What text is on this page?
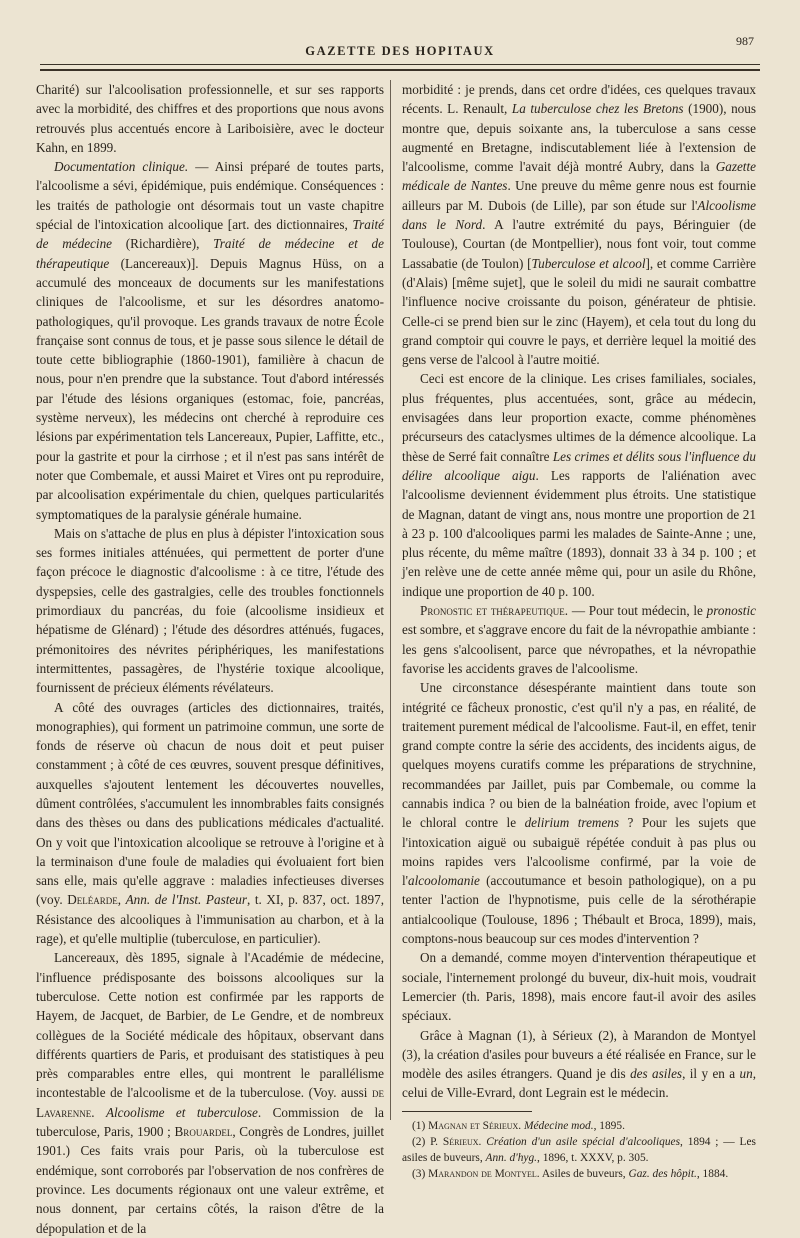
GAZETTE DES HOPITAUX
987

Charité) sur l'alcoolisation professionnelle, et sur ses rapports avec la morbidité, des chiffres et des proportions que nous avons retrouvés plus accentués encore à Lariboisière, avec le docteur Kahn, en 1899.

Documentation clinique. — Ainsi préparé de toutes parts, l'alcoolisme a sévi, épidémique, puis endémique. Conséquences : les traités de pathologie ont désormais tout un vaste chapitre spécial de l'intoxication alcoolique [art. des dictionnaires, Traité de médecine (Richardière), Traité de médecine et de thérapeutique (Lancereaux)]. Depuis Magnus Hüss, on a accumulé des monceaux de documents sur les manifestations cliniques de l'alcoolisme, et sur les désordres anatomo-pathologiques, qu'il provoque. Les grands travaux de notre École française sont connus de tous, et je passe sous silence le détail de toute cette bibliographie (1860-1901), familière à chacun de nous, pour n'en prendre que la substance. Tout d'abord intéressés par l'étude des lésions organiques (estomac, foie, pancréas, système nerveux), les médecins ont cherché à reproduire ces lésions par expérimentation tels Lancereaux, Pupier, Laffitte, etc., pour la gastrite et pour la cirrhose ; et il n'est pas sans intérêt de noter que Combemale, et aussi Mairet et Vires ont pu reproduire, par alcoolisation expérimentale du chien, quelques particularités symptomatiques de la paralysie générale humaine.

Mais on s'attache de plus en plus à dépister l'intoxication sous ses formes initiales atténuées, qui permettent de porter d'une façon précoce le diagnostic d'alcoolisme : à ce titre, l'étude des dyspepsies, celle des gastralgies, celle des troubles fonctionnels primordiaux du pancréas, du foie (alcoolisme insidieux et hépatisme de Glénard) ; l'étude des désordres atténués, fugaces, prémonitoires des névrites périphériques, les manifestations intermittentes, passagères, de l'hystérie toxique alcoolique, fournissent de précieux éléments révélateurs.

A côté des ouvrages (articles des dictionnaires, traités, monographies), qui forment un patrimoine commun, une sorte de fonds de réserve où chacun de nous doit et peut puiser constamment ; à côté de ces œuvres, souvent presque définitives, auxquelles s'ajoutent lentement les découvertes nouvelles, dûment contrôlées, s'accumulent les innombrables faits consignés dans des thèses ou dans des publications médicales d'actualité. On y voit que l'intoxication alcoolique se retrouve à l'origine et à la terminaison d'une foule de maladies qui évoluaient fort bien sans elle, mais qu'elle aggrave : maladies infectieuses diverses (voy. Deléarde, Ann. de l'Inst. Pasteur, t. XI, p. 837, oct. 1897, Résistance des alcooliques à l'immunisation au charbon, et à la rage), et qu'elle multiplie (tuberculose, en particulier).

Lancereaux, dès 1895, signale à l'Académie de médecine, l'influence prédisposante des boissons alcooliques sur la tuberculose. Cette notion est confirmée par les rapports de Hayem, de Jacquet, de Barbier, de Le Gendre, et de nombreux collègues de la Société médicale des hôpitaux, observant dans différents quartiers de Paris, et produisant des statistiques à peu près comparables entre elles, qui montrent le parallélisme incontestable de l'alcoolisme et de la tuberculose. (Voy. aussi de Lavarenne. Alcoolisme et tuberculose. Commission de la tuberculose, Paris, 1900 ; Brouardel, Congrès de Londres, juillet 1901.) Ces faits vrais pour Paris, où la tuberculose est endémique, sont corroborés par l'observation de nos confrères de province. Les documents régionaux ont une valeur extrême, et nous donnent, par certains côtés, la raison d'être de la dépopulation et de la

morbidité : je prends, dans cet ordre d'idées, ces quelques travaux récents. L. Renault, La tuberculose chez les Bretons (1900), nous montre que, depuis soixante ans, la tuberculose a sans cesse augmenté en Bretagne, indiscutablement liée à l'extension de l'alcoolisme, comme l'avait déjà montré Aubry, dans la Gazette médicale de Nantes. Une preuve du même genre nous est fournie ailleurs par M. Dubois (de Lille), par son étude sur l'Alcoolisme dans le Nord. A l'autre extrémité du pays, Béringuier (de Toulouse), Courtan (de Montpellier), nous font voir, tout comme Lassabatie (de Toulon) [Tuberculose et alcool], et comme Carrière (d'Alais) [même sujet], que le soleil du midi ne saurait combattre l'influence nocive croissante du poison, générateur de phtisie. Celle-ci se prend bien sur le zinc (Hayem), et cela tout du long du grand comptoir qui couvre le pays, et derrière lequel la moitié des gens verse de l'alcool à l'autre moitié.

Ceci est encore de la clinique. Les crises familiales, sociales, plus fréquentes, plus accentuées, sont, grâce au médecin, envisagées dans leur proportion exacte, comme phénomènes précurseurs des cataclysmes ultimes de la démence alcoolique. La thèse de Serré fait connaître Les crimes et délits sous l'influence du délire alcoolique aigu. Les rapports de l'aliénation avec l'alcoolisme deviennent évidemment plus étroits. Une statistique de Magnan, datant de vingt ans, nous montre une proportion de 21 à 23 p. 100 d'alcooliques parmi les malades de Sainte-Anne ; une, plus récente, du même maître (1893), donnait 33 à 34 p. 100 ; et j'en relève une de cette année même qui, pour un asile du Rhône, indique une proportion de 40 p. 100.

Pronostic et thérapeutique. — Pour tout médecin, le pronostic est sombre, et s'aggrave encore du fait de la névropathie ambiante : les gens s'alcoolisent, parce que névropathes, et la névropathie favorise les accidents graves de l'alcoolisme.

Une circonstance désespérante maintient dans toute son intégrité ce fâcheux pronostic, c'est qu'il n'y a pas, en réalité, de traitement purement médical de l'alcoolisme. Faut-il, en effet, tenir grand compte contre la série des accidents, des incidents aigus, de quelques moyens curatifs comme les préparations de strychnine, recommandées par Jaillet, puis par Combemale, ou comme la cannabis indica ? ou bien de la balnéation froide, avec l'opium et le chloral contre le delirium tremens ? Pour les sujets que l'intoxication aiguë ou subaiguë répétée conduit à pas plus ou moins rapides vers l'alcoolisme confirmé, par la voie de l'alcoolomanie (accoutumance et besoin pathologique), on a pu tenter l'action de l'hypnotisme, puis celle de la sérothérapie antialcoolique (Toulouse, 1896 ; Thébault et Broca, 1899), mais, comptons-nous beaucoup sur ces modes d'intervention ?

On a demandé, comme moyen d'intervention thérapeutique et sociale, l'internement prolongé du buveur, dix-huit mois, voudrait Lemercier (th. Paris, 1898), mais encore faut-il avoir des asiles spéciaux.

Grâce à Magnan (1), à Sérieux (2), à Marandon de Montyel (3), la création d'asiles pour buveurs a été réalisée en France, sur le modèle des asiles étrangers. Quand je dis des asiles, il y en a un, celui de Ville-Evrard, dont Legrain est le médecin.

(1) Magnan et Sérieux. Médecine mod., 1895.

(2) P. Sérieux. Création d'un asile spécial d'alcooliques, 1894 ; — Les asiles de buveurs, Ann. d'hyg., 1896, t. XXXV, p. 305.

(3) Marandon de Montyel. Asiles de buveurs, Gaz. des hôpit., 1884.
